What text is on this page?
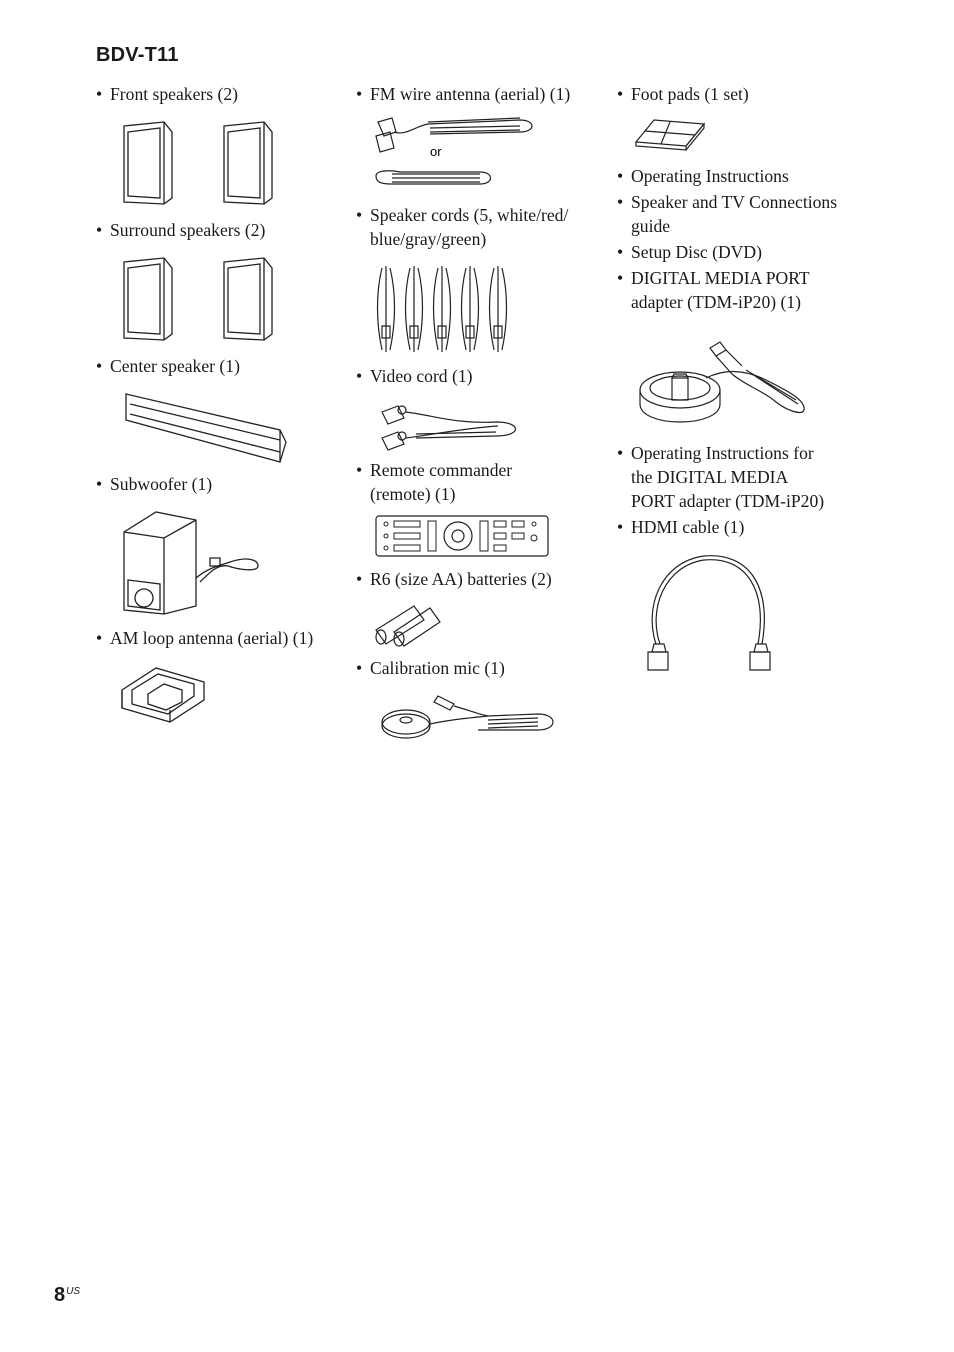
BDV-T11
• Front speakers (2)
• Surround speakers (2)
• Center speaker (1)
• Subwoofer (1)
• AM loop antenna (aerial) (1)
• FM wire antenna (aerial) (1)
or
• Speaker cords (5, white/red/
blue/gray/green)
• Video cord (1)
• Remote commander
(remote) (1)
• R6 (size AA) batteries (2)
• Calibration mic (1)
• Foot pads (1 set)
• Operating Instructions
• Speaker and TV Connections
guide
• Setup Disc (DVD)
• DIGITAL MEDIA PORT
adapter (TDM-iP20) (1)
• Operating Instructions for
the DIGITAL MEDIA
PORT adapter (TDM-iP20)
• HDMI cable (1)
$8^{US}$
